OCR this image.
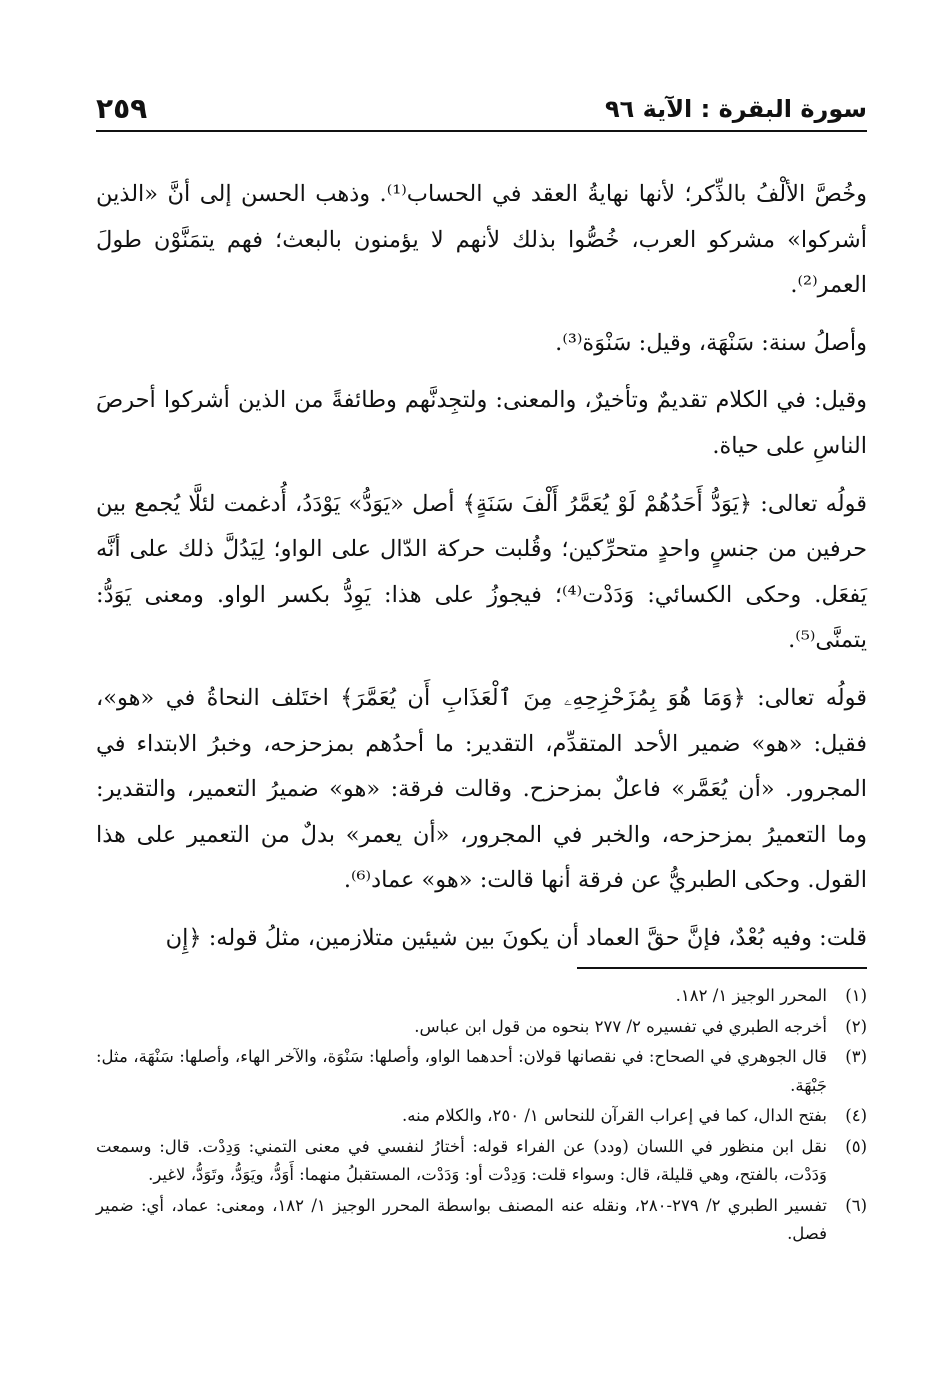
سورة البقرة : الآية ٩٦
٢٥٩

وخُصَّ الألْفُ بالذِّكر؛ لأنها نهايةُ العقد في الحساب⁽¹⁾. وذهب الحسن إلى أنَّ «الذين أشركوا» مشركو العرب، خُصُّوا بذلك لأنهم لا يؤمنون بالبعث؛ فهم يتمَنَّوْن طولَ العمر⁽²⁾.

وأصلُ سنة: سَنْهَة، وقيل: سَنْوَة⁽³⁾.

وقيل: في الكلام تقديمٌ وتأخيرٌ، والمعنى: ولتجِدنَّهم وطائفةً من الذين أشركوا أحرصَ الناسِ على حياة.

قولُه تعالى: ﴿يَوَدُّ أَحَدُهُمْ لَوْ يُعَمَّرُ أَلْفَ سَنَةٍ﴾ أصل «يَوَدُّ» يَوْدَدُ، أُدغمت لئلَّا يُجمع بين حرفين من جنسٍ واحدٍ متحرِّكين؛ وقُلبت حركة الدّال على الواو؛ لِيَدُلَّ ذلك على أنَّه يَفعَل. وحكى الكسائي: وَدَدْت⁽⁴⁾؛ فيجوزُ على هذا: يَوِدُّ بكسر الواو. ومعنى يَوَدُّ: يتمنَّى⁽⁵⁾.

قولُه تعالى: ﴿وَمَا هُوَ بِمُزَحْزِحِهِۦ مِنَ ٱلْعَذَابِ أَن يُعَمَّرَ﴾ اختَلف النحاةُ في «هو»، فقيل: «هو» ضمير الأحد المتقدِّم، التقدير: ما أحدُهم بمزحزحه، وخبرُ الابتداء في المجرور. «أن يُعَمَّر» فاعلٌ بمزحزح. وقالت فرقة: «هو» ضميرُ التعمير، والتقدير: وما التعميرُ بمزحزحه، والخبر في المجرور، «أن يعمر» بدلٌ من التعمير على هذا القول. وحكى الطبريُّ عن فرقة أنها قالت: «هو» عماد⁽⁶⁾.

قلت: وفيه بُعْدٌ، فإنَّ حقَّ العماد أن يكونَ بين شيئين متلازمين، مثلُ قوله: ﴿إِن

(١)
المحرر الوجيز ١/ ١٨٢.
(٢)
أخرجه الطبري في تفسيره ٢/ ٢٧٧ بنحوه من قول ابن عباس.
(٣)
قال الجوهري في الصحاح: في نقصانها قولان: أحدهما الواو، وأصلها: سَنْوَة، والآخر الهاء، وأصلها: سَنْهَة، مثل: جَبْهَة.
(٤)
بفتح الدال، كما في إعراب القرآن للنحاس ١/ ٢٥٠، والكلام منه.
(٥)
نقل ابن منظور في اللسان (ودد) عن الفراء قوله: أختارُ لنفسي في معنى التمني: وَدِدْت. قال: وسمعت وَدَدْت، بالفتح، وهي قليلة، قال: وسواء قلت: وَدِدْت أو: وَدَدْت، المستقبلُ منهما: أَوَدُّ، ويَوَدُّ، وتَوَدُّ، لاغير.
(٦)
تفسير الطبري ٢/ ٢٧٩-٢٨٠، ونقله عنه المصنف بواسطة المحرر الوجيز ١/ ١٨٢، ومعنى: عماد، أي: ضمير فصل.
